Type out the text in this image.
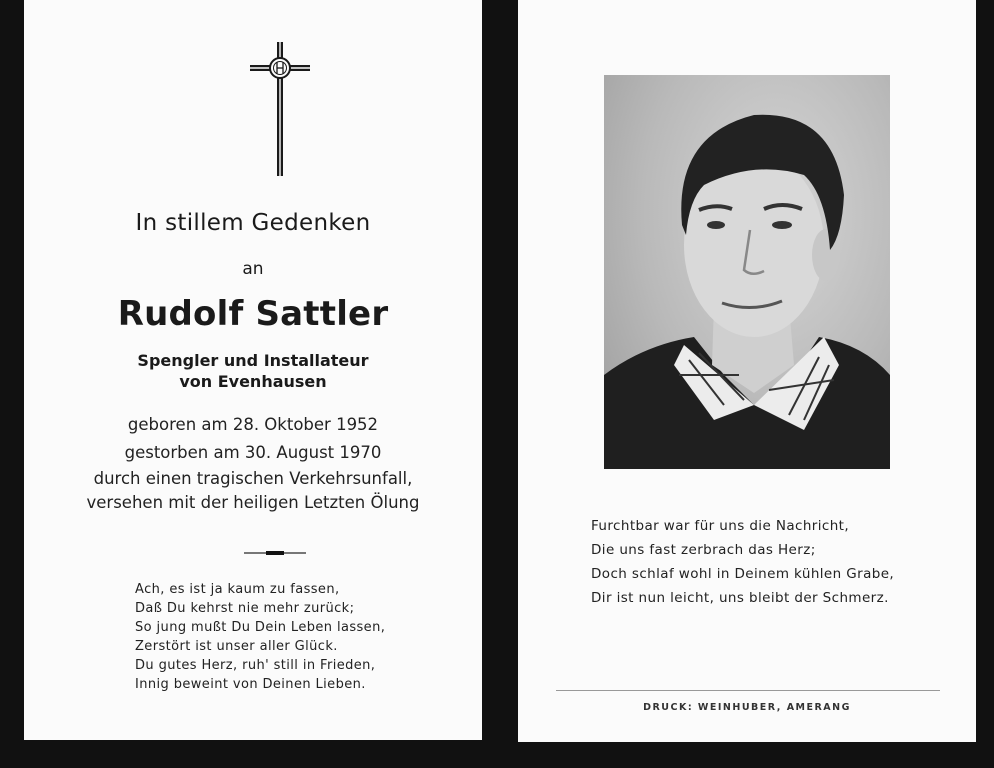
In stillem Gedenken
an
Rudolf Sattler
Spengler und Installateur
von Evenhausen
geboren am 28. Oktober 1952
gestorben am 30. August 1970
durch einen tragischen Verkehrsunfall,
versehen mit der heiligen Letzten Ölung
Ach, es ist ja kaum zu fassen,
Daß Du kehrst nie mehr zurück;
So jung mußt Du Dein Leben lassen,
Zerstört ist unser aller Glück.
Du gutes Herz, ruh' still in Frieden,
Innig beweint von Deinen Lieben.
Furchtbar war für uns die Nachricht,
Die uns fast zerbrach das Herz;
Doch schlaf wohl in Deinem kühlen Grabe,
Dir ist nun leicht, uns bleibt der Schmerz.
DRUCK: WEINHUBER, AMERANG
